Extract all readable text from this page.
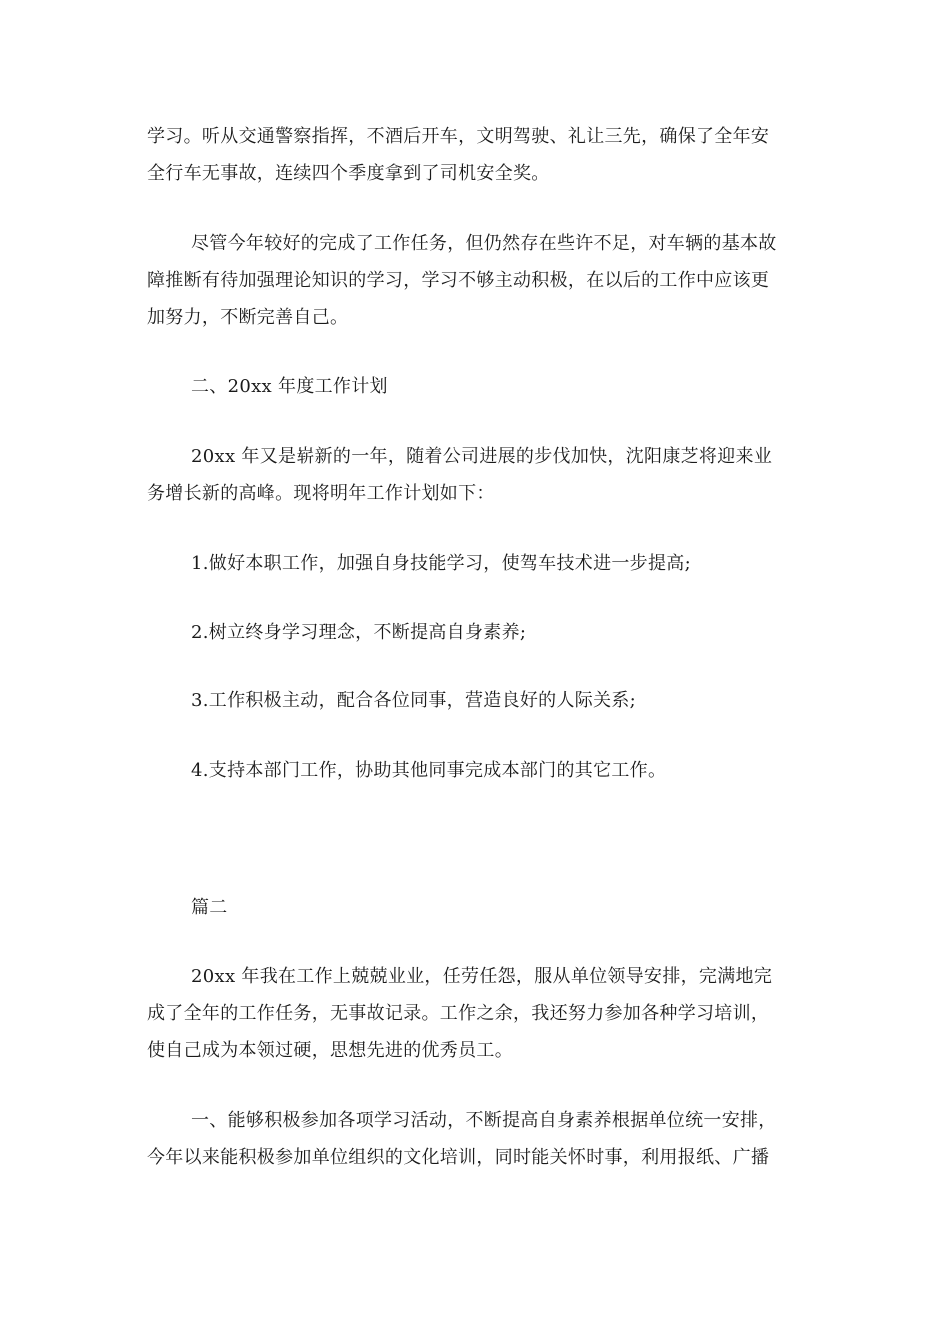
学习。听从交通警察指挥，不酒后开车，文明驾驶、礼让三先，确保了全年安
全行车无事故，连续四个季度拿到了司机安全奖。
尽管今年较好的完成了工作任务，但仍然存在些许不足，对车辆的基本故
障推断有待加强理论知识的学习，学习不够主动积极，在以后的工作中应该更
加努力，不断完善自己。
二、20xx 年度工作计划
20xx 年又是崭新的一年，随着公司进展的步伐加快，沈阳康芝将迎来业
务增长新的高峰。现将明年工作计划如下：
1.做好本职工作，加强自身技能学习，使驾车技术进一步提高;
2.树立终身学习理念，不断提高自身素养;
3.工作积极主动，配合各位同事，营造良好的人际关系;
4.支持本部门工作，协助其他同事完成本部门的其它工作。
篇二
20xx 年我在工作上兢兢业业，任劳任怨，服从单位领导安排，完满地完
成了全年的工作任务，无事故记录。工作之余，我还努力参加各种学习培训，
使自己成为本领过硬，思想先进的优秀员工。
一、能够积极参加各项学习活动，不断提高自身素养根据单位统一安排，
今年以来能积极参加单位组织的文化培训，同时能关怀时事，利用报纸、广播
